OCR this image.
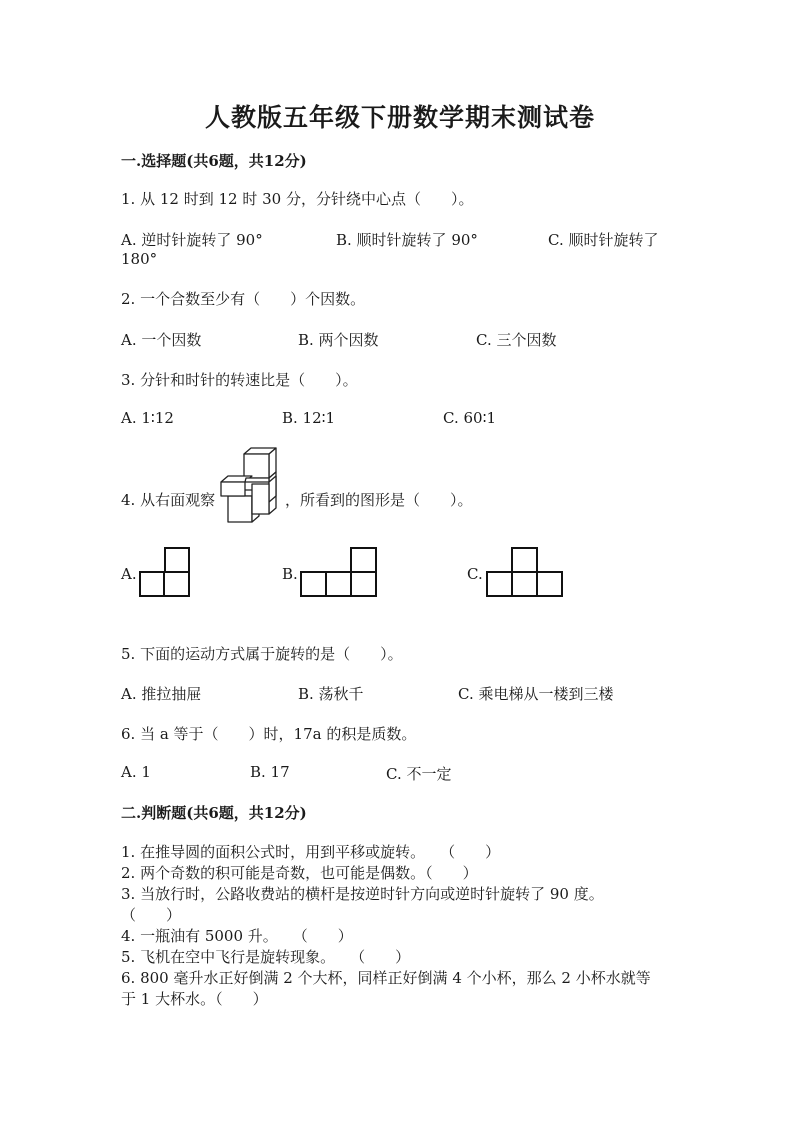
人教版五年级下册数学期末测试卷
一.选择题(共6题，共12分)
1. 从 12 时到 12 时 30 分，分针绕中心点（　　）。
A. 逆时针旋转了 90°	B. 顺时针旋转了 90°	C. 顺时针旋转了
180°
2. 一个合数至少有（　　）个因数。
A. 一个因数	B. 两个因数	C. 三个因数
3. 分针和时针的转速比是（　　）。
A. 1∶12	B. 12∶1	C. 60∶1
4. 从右面观察	，所看到的图形是（　　）。
A.	B.	C.
5. 下面的运动方式属于旋转的是（　　）。
A. 推拉抽屉	B. 荡秋千	C. 乘电梯从一楼到三楼
6. 当 a 等于（　　）时，17a 的积是质数。
A. 1	B. 17	C. 不一定
二.判断题(共6题，共12分)
1. 在推导圆的面积公式时，用到平移或旋转。　　（　　）
2. 两个奇数的积可能是奇数，也可能是偶数。（　　）
3. 当放行时，公路收费站的横杆是按逆时针方向或逆时针旋转了 90 度。
（　　）
4. 一瓶油有 5000 升。　　（　　）
5. 飞机在空中飞行是旋转现象。　　（　　）
6. 800 毫升水正好倒满 2 个大杯，同样正好倒满 4 个小杯，那么 2 小杯水就等
于 1 大杯水。（　　）
